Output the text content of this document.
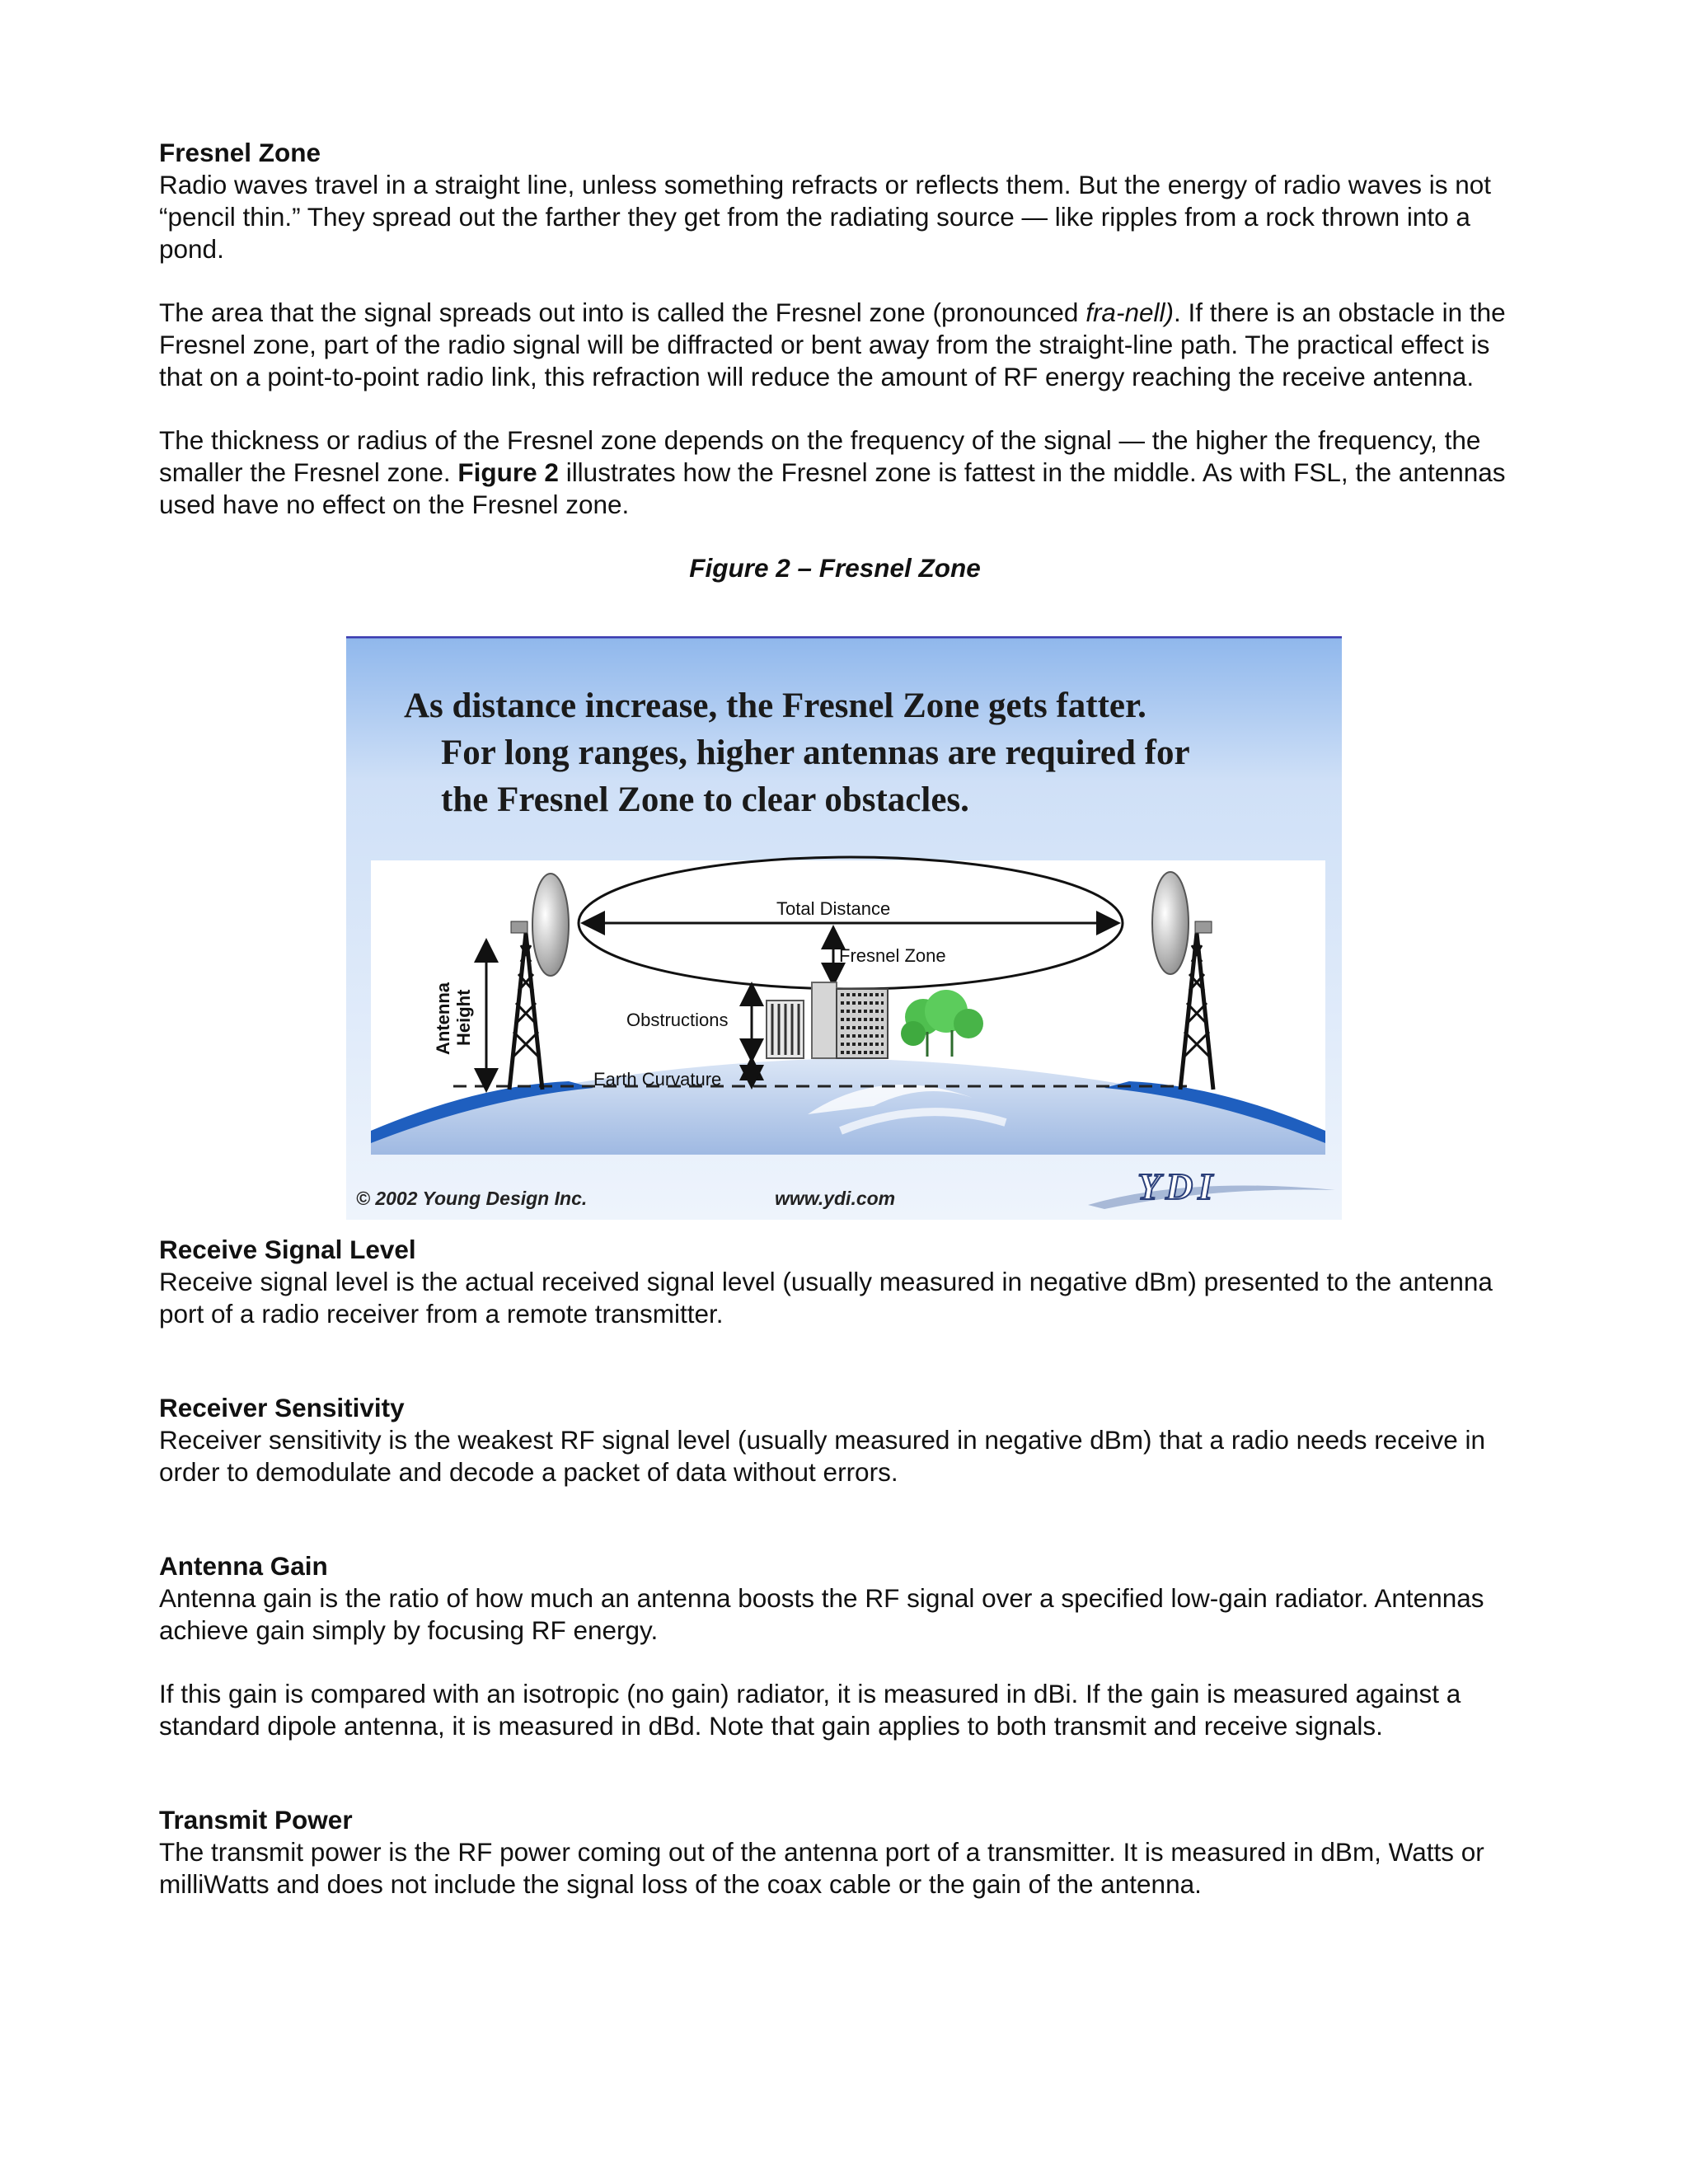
Fresnel Zone

Radio waves travel in a straight line, unless something refracts or reflects them. But the energy of radio waves is not “pencil thin.” They spread out the farther they get from the radiating source — like ripples from a rock thrown into a pond.

The area that the signal spreads out into is called the Fresnel zone (pronounced fra-nell). If there is an obstacle in the Fresnel zone, part of the radio signal will be diffracted or bent away from the straight-line path. The practical effect is that on a point-to-point radio link, this refraction will reduce the amount of RF energy reaching the receive antenna.

The thickness or radius of the Fresnel zone depends on the frequency of the signal — the higher the frequency, the smaller the Fresnel zone. Figure 2 illustrates how the Fresnel zone is fattest in the middle. As with FSL, the antennas used have no effect on the Fresnel zone.

Figure 2 – Fresnel Zone

Receive Signal Level

Receive signal level is the actual received signal level (usually measured in negative dBm) presented to the antenna port of a radio receiver from a remote transmitter.

Receiver Sensitivity

Receiver sensitivity is the weakest RF signal level (usually measured in negative dBm) that a radio needs receive in order to demodulate and decode a packet of data without errors.

Antenna Gain

Antenna gain is the ratio of how much an antenna boosts the RF signal over a specified low-gain radiator. Antennas achieve gain simply by focusing RF energy.

If this gain is compared with an isotropic (no gain) radiator, it is measured in dBi. If the gain is measured against a standard dipole antenna, it is measured in dBd. Note that gain applies to both transmit and receive signals.

Transmit Power

The transmit power is the RF power coming out of the antenna port of a transmitter. It is measured in dBm, Watts or milliWatts and does not include the signal loss of the coax cable or the gain of the antenna.

As distance increase, the Fresnel Zone gets fatter.
For long ranges, higher antennas are required for
the Fresnel Zone to clear obstacles.
Total Distance
Fresnel Zone
Obstructions
Earth Curvature
Antenna Height
© 2002 Young Design Inc.	www.ydi.com	YDI
